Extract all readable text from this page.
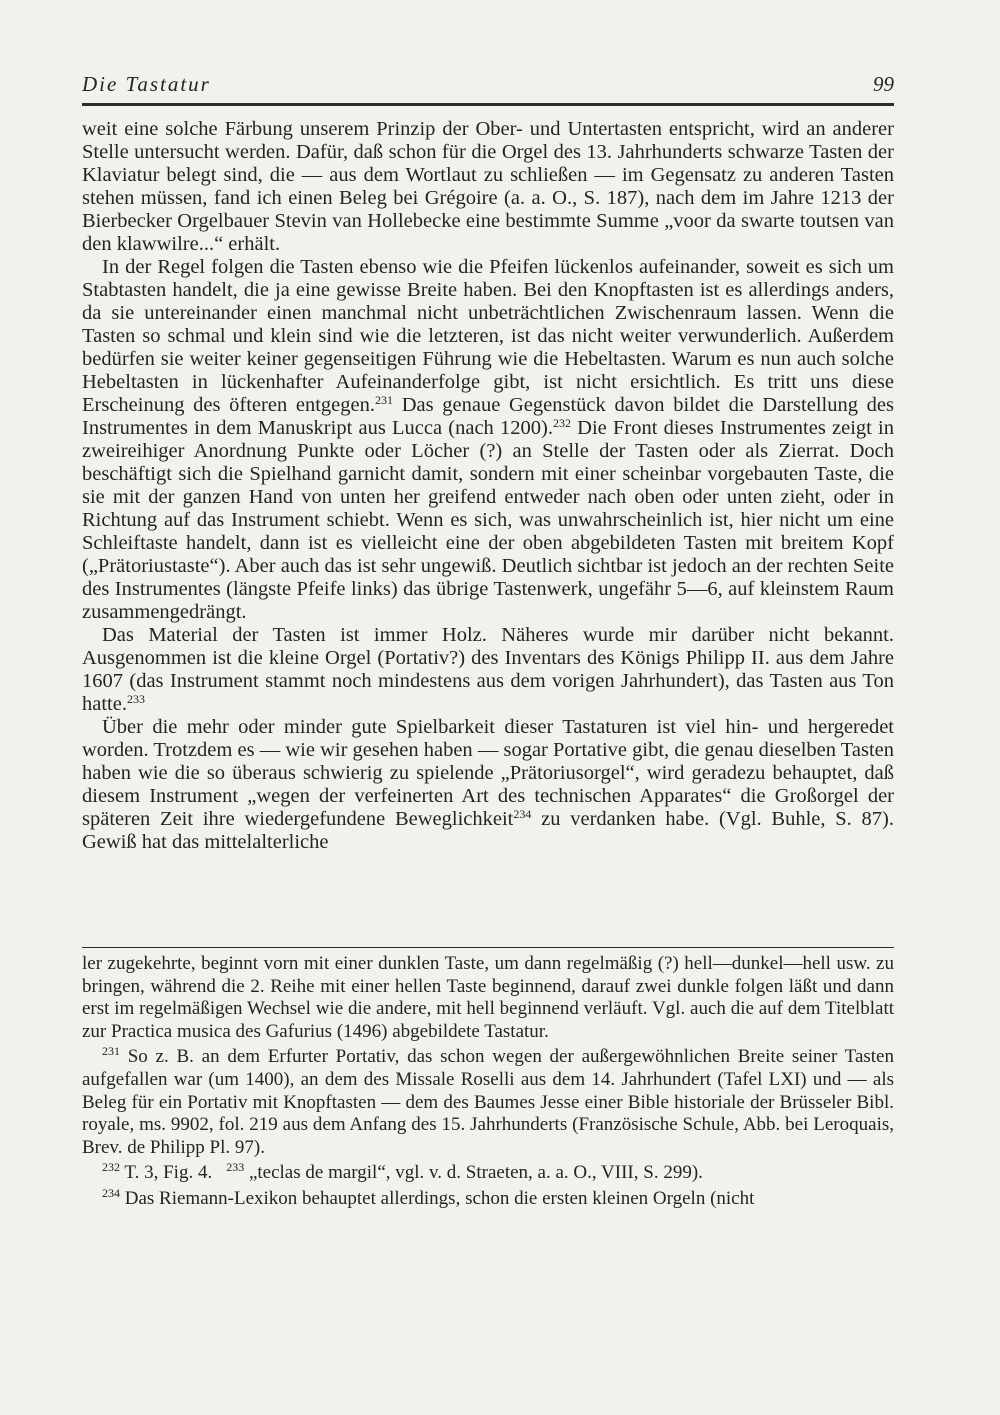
Die Tastatur	99

weit eine solche Färbung unserem Prinzip der Ober- und Untertasten entspricht, wird an anderer Stelle untersucht werden. Dafür, daß schon für die Orgel des 13. Jahrhunderts schwarze Tasten der Klaviatur belegt sind, die — aus dem Wortlaut zu schließen — im Gegensatz zu anderen Tasten stehen müssen, fand ich einen Beleg bei Grégoire (a. a. O., S. 187), nach dem im Jahre 1213 der Bierbecker Orgelbauer Stevin van Hollebecke eine bestimmte Summe „voor da swarte toutsen van den klawwilre...“ erhält.

In der Regel folgen die Tasten ebenso wie die Pfeifen lückenlos aufeinander, soweit es sich um Stabtasten handelt, die ja eine gewisse Breite haben. Bei den Knopftasten ist es allerdings anders, da sie untereinander einen manchmal nicht unbeträchtlichen Zwischenraum lassen. Wenn die Tasten so schmal und klein sind wie die letzteren, ist das nicht weiter verwunderlich. Außerdem bedürfen sie weiter keiner gegenseitigen Führung wie die Hebeltasten. Warum es nun auch solche Hebeltasten in lückenhafter Aufeinanderfolge gibt, ist nicht ersichtlich. Es tritt uns diese Erscheinung des öfteren entgegen.$^{231}$ Das genaue Gegenstück davon bildet die Darstellung des Instrumentes in dem Manuskript aus Lucca (nach 1200).$^{232}$ Die Front dieses Instrumentes zeigt in zweireihiger Anordnung Punkte oder Löcher (?) an Stelle der Tasten oder als Zierrat. Doch beschäftigt sich die Spielhand garnicht damit, sondern mit einer scheinbar vorgebauten Taste, die sie mit der ganzen Hand von unten her greifend entweder nach oben oder unten zieht, oder in Richtung auf das Instrument schiebt. Wenn es sich, was unwahrscheinlich ist, hier nicht um eine Schleiftaste handelt, dann ist es vielleicht eine der oben abgebildeten Tasten mit breitem Kopf („Prätoriustaste“). Aber auch das ist sehr ungewiß. Deutlich sichtbar ist jedoch an der rechten Seite des Instrumentes (längste Pfeife links) das übrige Tastenwerk, ungefähr 5—6, auf kleinstem Raum zusammengedrängt.

Das Material der Tasten ist immer Holz. Näheres wurde mir darüber nicht bekannt. Ausgenommen ist die kleine Orgel (Portativ?) des Inventars des Königs Philipp II. aus dem Jahre 1607 (das Instrument stammt noch mindestens aus dem vorigen Jahrhundert), das Tasten aus Ton hatte.$^{233}$

Über die mehr oder minder gute Spielbarkeit dieser Tastaturen ist viel hin- und hergeredet worden. Trotzdem es — wie wir gesehen haben — sogar Portative gibt, die genau dieselben Tasten haben wie die so überaus schwierig zu spielende „Prätoriusorgel“, wird geradezu behauptet, daß diesem Instrument „wegen der verfeinerten Art des technischen Apparates“ die Großorgel der späteren Zeit ihre wiedergefundene Beweglichkeit$^{234}$ zu verdanken habe. (Vgl. Buhle, S. 87). Gewiß hat das mittelalterliche

ler zugekehrte, beginnt vorn mit einer dunklen Taste, um dann regelmäßig (?) hell—dunkel—hell usw. zu bringen, während die 2. Reihe mit einer hellen Taste beginnend, darauf zwei dunkle folgen läßt und dann erst im regelmäßigen Wechsel wie die andere, mit hell beginnend verläuft. Vgl. auch die auf dem Titelblatt zur Practica musica des Gafurius (1496) abgebildete Tastatur.

$^{231}$ So z. B. an dem Erfurter Portativ, das schon wegen der außergewöhnlichen Breite seiner Tasten aufgefallen war (um 1400), an dem des Missale Roselli aus dem 14. Jahrhundert (Tafel LXI) und — als Beleg für ein Portativ mit Knopftasten — dem des Baumes Jesse einer Bible historiale der Brüsseler Bibl. royale, ms. 9902, fol. 219 aus dem Anfang des 15. Jahrhunderts (Französische Schule, Abb. bei Leroquais, Brev. de Philipp Pl. 97).

$^{232}$ T. 3, Fig. 4. $^{233}$ „teclas de margil“, vgl. v. d. Straeten, a. a. O., VIII, S. 299).

$^{234}$ Das Riemann-Lexikon behauptet allerdings, schon die ersten kleinen Orgeln (nicht
